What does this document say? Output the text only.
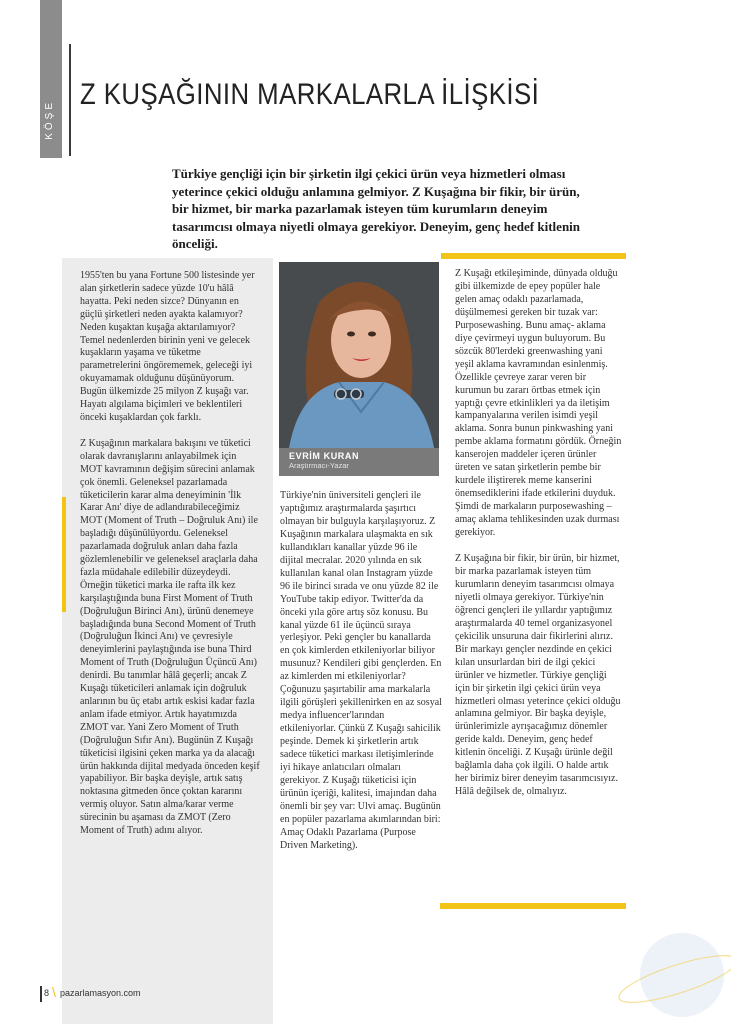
KÖŞE
Z KUŞAĞININ MARKALARLA İLİŞKİSİ

Türkiye gençliği için bir şirketin ilgi çekici ürün veya hizmetleri olması yeterince çekici olduğu anlamına gelmiyor. Z Kuşağına bir fikir, bir ürün, bir hizmet, bir marka pazarlamak isteyen tüm kurumların deneyim tasarımcısı olmaya niyetli olmaya gerekiyor. Deneyim, genç hedef kitlenin önceliği.

1955'ten bu yana Fortune 500 listesinde yer alan şirketlerin sadece yüzde 10'u hâlâ hayatta. Peki neden sizce? Dünyanın en güçlü şirketleri neden ayakta kalamıyor? Neden kuşaktan kuşağa aktarılamıyor? Temel nedenlerden birinin yeni ve gelecek kuşakların yaşama ve tüketme parametrelerini öngörememek, geleceği iyi okuyamamak olduğunu düşünüyorum. Bugün ülkemizde 25 milyon Z kuşağı var. Hayatı algılama biçimleri ve beklentileri önceki kuşaklardan çok farklı.

Z Kuşağının markalara bakışını ve tüketici olarak davranışlarını anlayabilmek için MOT kavramının değişim sürecini anlamak çok önemli. Geleneksel pazarlamada tüketicilerin karar alma deneyiminin 'İlk Karar Anı' diye de adlandırabileceğimiz MOT (Moment of Truth – Doğruluk Anı) ile başladığı düşünülüyordu. Geleneksel pazarlamada doğruluk anları daha fazla gözlemlenebilir ve geleneksel araçlarla daha fazla müdahale edilebilir düzeydeydi. Örneğin tüketici marka ile rafta ilk kez karşılaştığında buna First Moment of Truth (Doğruluğun Birinci Anı), ürünü denemeye başladığında buna Second Moment of Truth (Doğruluğun İkinci Anı) ve çevresiyle deneyimlerini paylaştığında ise buna Third Moment of Truth (Doğruluğun Üçüncü Anı) denirdi. Bu tanımlar hâlâ geçerli; ancak Z Kuşağı tüketicileri anlamak için doğruluk anlarının bu üç etabı artık eskisi kadar fazla anlam ifade etmiyor. Artık hayatımızda ZMOT var. Yani Zero Moment of Truth (Doğruluğun Sıfır Anı). Bugünün Z Kuşağı tüketicisi ilgisini çeken marka ya da alacağı ürün hakkında dijital medyada önceden keşif yapabiliyor. Bir başka deyişle, artık satış noktasına gitmeden önce çoktan kararını vermiş oluyor. Satın alma/karar verme sürecinin bu aşaması da ZMOT (Zero Moment of Truth) adını alıyor.

EVRİM KURAN
Araştırmacı-Yazar

Türkiye'nin üniversiteli gençleri ile yaptığımız araştırmalarda şaşırtıcı olmayan bir bulguyla karşılaşıyoruz. Z Kuşağının markalara ulaşmakta en sık kullandıkları kanallar yüzde 96 ile dijital mecralar. 2020 yılında en sık kullanılan kanal olan Instagram yüzde 96 ile birinci sırada ve onu yüzde 82 ile YouTube takip ediyor. Twitter'da da önceki yıla göre artış söz konusu. Bu kanal yüzde 61 ile üçüncü sıraya yerleşiyor. Peki gençler bu kanallarda en çok kimlerden etkileniyorlar biliyor musunuz? Kendileri gibi gençlerden. En az kimlerden mi etkileniyorlar? Çoğunuzu şaşırtabilir ama markalarla ilgili görüşleri şekillenirken en az sosyal medya influencer'larından etkileniyorlar. Çünkü Z Kuşağı sahicilik peşinde. Demek ki şirketlerin artık sadece tüketici markası iletişimlerinde iyi hikaye anlatıcıları olmaları gerekiyor. Z Kuşağı tüketicisi için ürünün içeriği, kalitesi, imajından daha önemli bir şey var: Ulvi amaç. Bugünün en popüler pazarlama akımlarından biri: Amaç Odaklı Pazarlama (Purpose Driven Marketing).

Z Kuşağı etkileşiminde, dünyada olduğu gibi ülkemizde de epey popüler hale gelen amaç odaklı pazarlamada, düşülmemesi gereken bir tuzak var: Purposewashing. Bunu amaç- aklama diye çevirmeyi uygun buluyorum. Bu sözcük 80'lerdeki greenwashing yani yeşil aklama kavramından esinlenmiş. Özellikle çevreye zarar veren bir kurumun bu zararı örtbas etmek için yaptığı çevre etkinlikleri ya da iletişim kampanyalarına verilen isimdi yeşil aklama. Sonra bunun pinkwashing yani pembe aklama formatını gördük. Örneğin kanserojen maddeler içeren ürünler üreten ve satan şirketlerin pembe bir kurdele iliştirerek meme kanserini önemsediklerini ifade etkilerini duyduk. Şimdi de markaların purposewashing – amaç aklama tehlikesinden uzak durması gerekiyor.

Z Kuşağına bir fikir, bir ürün, bir hizmet, bir marka pazarlamak isteyen tüm kurumların deneyim tasarımcısı olmaya niyetli olmaya gerekiyor. Türkiye'nin öğrenci gençleri ile yıllardır yaptığımız araştırmalarda 40 temel organizasyonel çekicilik unsuruna dair fikirlerini alırız. Bir markayı gençler nezdinde en çekici kılan unsurlardan biri de ilgi çekici ürünler ve hizmetler. Türkiye gençliği için bir şirketin ilgi çekici ürün veya hizmetleri olması yeterince çekici olduğu anlamına gelmiyor. Bir başka deyişle, ürünlerimizle ayrışacağımız dönemler geride kaldı. Deneyim, genç hedef kitlenin önceliği. Z Kuşağı ürünle değil bağlamla daha çok ilgili. O halde artık her birimiz birer deneyim tasarımcısıyız. Hâlâ değilsek de, olmalıyız.

8 \ pazarlamasyon.com
